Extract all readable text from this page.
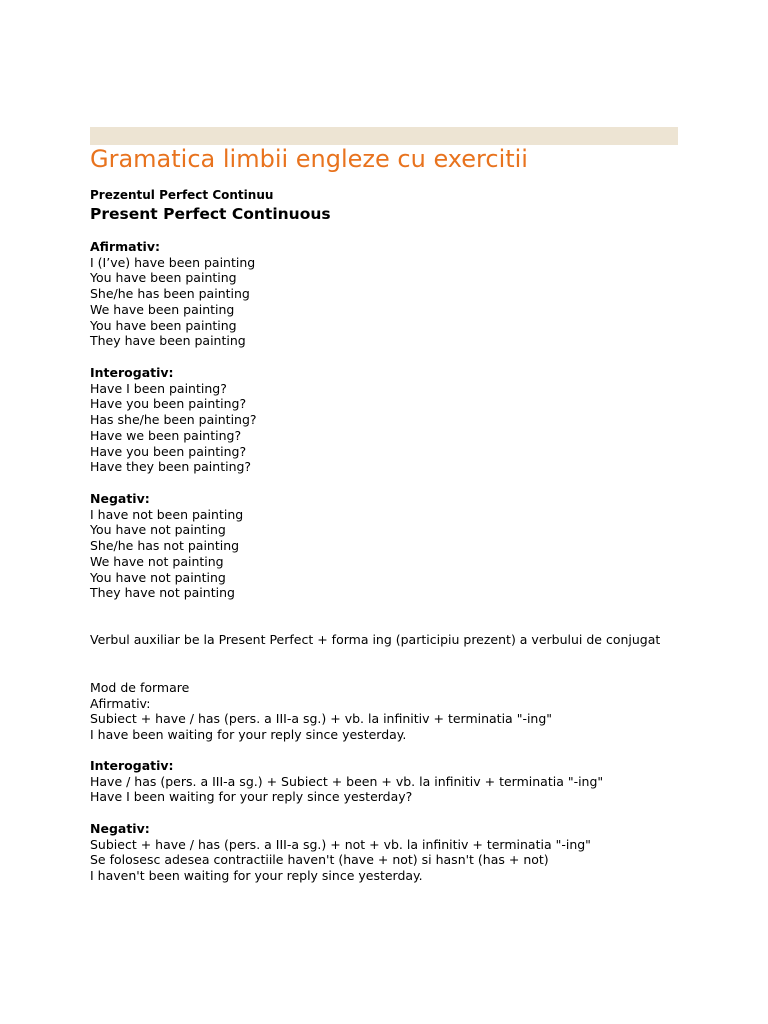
Gramatica limbii engleze cu exercitii
Prezentul Perfect Continuu
Present Perfect Continuous
Afirmativ:
I (I’ve) have been painting
You have been painting
She/he has been painting
We have been painting
You have been painting
They have been painting
Interogativ:
Have I been painting?
Have you been painting?
Has she/he been painting?
Have we been painting?
Have you been painting?
Have they been painting?
Negativ:
I have not been painting
You have not painting
She/he has not painting
We have not painting
You have not painting
They have not painting
Verbul auxiliar be la Present Perfect + forma ing (participiu prezent) a verbului de conjugat
Mod de formare
Afirmativ:
Subiect + have / has (pers. a III-a sg.) + vb. la infinitiv + terminatia "-ing"
I have been waiting for your reply since yesterday.
Interogativ:
Have / has (pers. a III-a sg.) + Subiect + been + vb. la infinitiv + terminatia "-ing"
Have I been waiting for your reply since yesterday?
Negativ:
Subiect + have / has (pers. a III-a sg.) + not + vb. la infinitiv + terminatia "-ing"
Se folosesc adesea contractiile haven't (have + not) si hasn't (has + not)
I haven't been waiting for your reply since yesterday.
